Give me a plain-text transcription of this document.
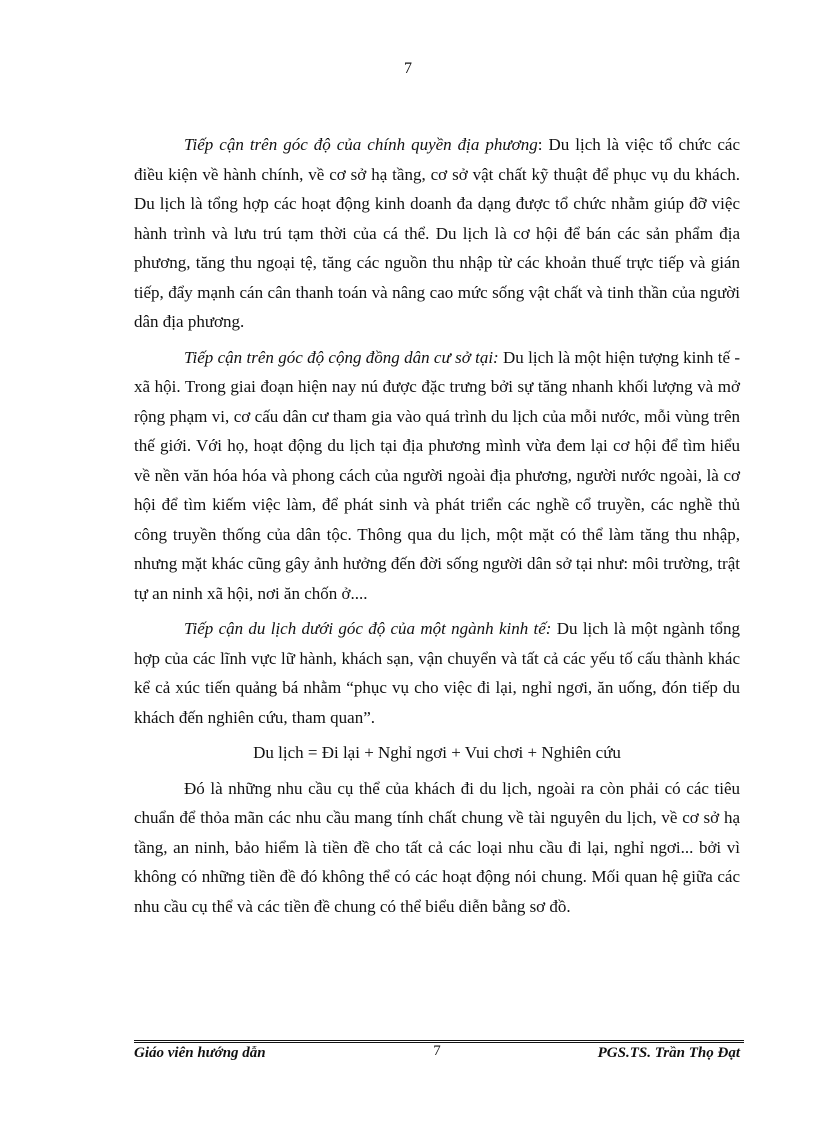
7

Tiếp cận trên góc độ của chính quyền địa phương: Du lịch là việc tổ chức các điều kiện về hành chính, về cơ sở hạ tầng, cơ sở vật chất kỹ thuật để phục vụ du khách. Du lịch là tổng hợp các hoạt động kinh doanh đa dạng được tổ chức nhằm giúp đỡ việc hành trình và lưu trú tạm thời của cá thể. Du lịch là cơ hội để bán các sản phẩm địa phương, tăng thu ngoại tệ, tăng các nguồn thu nhập từ các khoản thuế trực tiếp và gián tiếp, đẩy mạnh cán cân thanh toán và nâng cao mức sống vật chất và tinh thần của người dân địa phương.

Tiếp cận trên góc độ cộng đồng dân cư sở tại: Du lịch là một hiện tượng kinh tế - xã hội. Trong giai đoạn hiện nay nú được đặc trưng bởi sự tăng nhanh khối lượng và mở rộng phạm vi, cơ cấu dân cư tham gia vào quá trình du lịch của mỗi nước, mỗi vùng trên thế giới. Với họ, hoạt động du lịch tại địa phương mình vừa đem lại cơ hội để tìm hiểu về nền văn hóa hóa và phong cách của người ngoài địa phương, người nước ngoài, là cơ hội để tìm kiếm việc làm, để phát sinh và phát triển các nghề cổ truyền, các nghề thủ công truyền thống của dân tộc. Thông qua du lịch, một mặt có thể làm tăng thu nhập, nhưng mặt khác cũng gây ảnh hưởng đến đời sống người dân sở tại như: môi trường, trật tự an ninh xã hội, nơi ăn chốn ở....

Tiếp cận du lịch dưới góc độ của một ngành kinh tế: Du lịch là một ngành tổng hợp của các lĩnh vực lữ hành, khách sạn, vận chuyển và tất cả các yếu tố cấu thành khác kể cả xúc tiến quảng bá nhằm “phục vụ cho việc đi lại, nghỉ ngơi, ăn uống, đón tiếp du khách đến nghiên cứu, tham quan”.

Du lịch = Đi lại + Nghỉ ngơi + Vui chơi + Nghiên cứu

Đó là những nhu cầu cụ thể của khách đi du lịch, ngoài ra còn phải có các tiêu chuẩn để thỏa mãn các nhu cầu mang tính chất chung về tài nguyên du lịch, về cơ sở hạ tầng, an ninh, bảo hiểm là tiền đề cho tất cả các loại nhu cầu đi lại, nghỉ ngơi... bởi vì không có những tiền đề đó không thể có các hoạt động nói chung. Mối quan hệ giữa các nhu cầu cụ thể và các tiền đề chung có thể biểu diễn bằng sơ đồ.

Giáo viên hướng dẫn	7	PGS.TS. Trần Thọ Đạt
